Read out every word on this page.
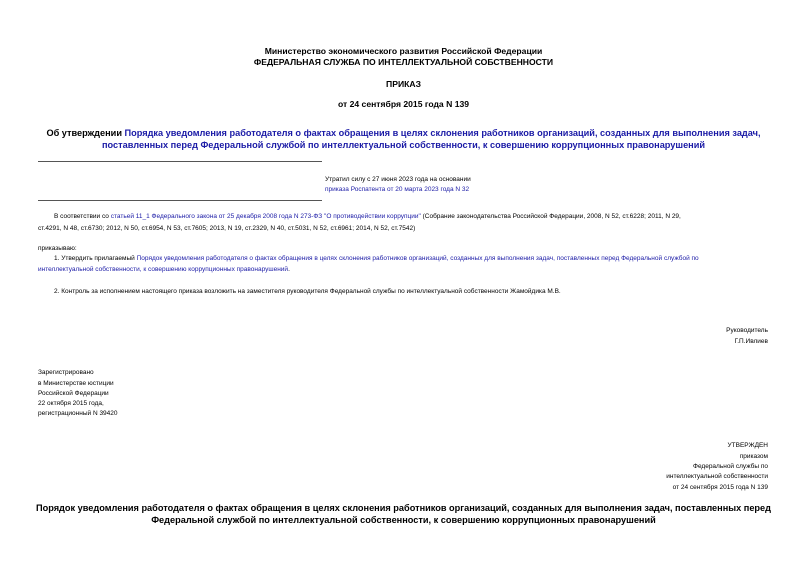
Министерство экономического развития Российской Федерации
ФЕДЕРАЛЬНАЯ СЛУЖБА ПО ИНТЕЛЛЕКТУАЛЬНОЙ СОБСТВЕННОСТИ
ПРИКАЗ
от 24 сентября 2015 года N 139
Об утверждении Порядка уведомления работодателя о фактах обращения в целях склонения работников организаций, созданных для выполнения задач,
поставленных перед Федеральной службой по интеллектуальной собственности, к совершению коррупционных правонарушений
Утратил силу с 27 июня 2023 года на основании
приказа Роспатента от 20 марта 2023 года N 32
В соответствии со статьей 11_1 Федерального закона от 25 декабря 2008 года N 273-ФЗ "О противодействии коррупции" (Собрание законодательства Российской Федерации, 2008, N 52, ст.6228; 2011, N 29,
ст.4291, N 48, ст.6730; 2012, N 50, ст.6954, N 53, ст.7605; 2013, N 19, ст.2329, N 40, ст.5031, N 52, ст.6961; 2014, N 52, ст.7542)
приказываю:
1. Утвердить прилагаемый Порядок уведомления работодателя о фактах обращения в целях склонения работников организаций, созданных для выполнения задач, поставленных перед Федеральной службой по
интеллектуальной собственности, к совершению коррупционных правонарушений.
2. Контроль за исполнением настоящего приказа возложить на заместителя руководителя Федеральной службы по интеллектуальной собственности Жамойдика М.В.
Руководитель
Г.П.Ивлиев
Зарегистрировано
в Министерстве юстиции
Российской Федерации
22 октября 2015 года,
регистрационный N 39420
УТВЕРЖДЕН
приказом
Федеральной службы по
интеллектуальной собственности
от 24 сентября 2015 года N 139
Порядок уведомления работодателя о фактах обращения в целях склонения работников организаций, созданных для выполнения задач, поставленных перед
Федеральной службой по интеллектуальной собственности, к совершению коррупционных правонарушений
